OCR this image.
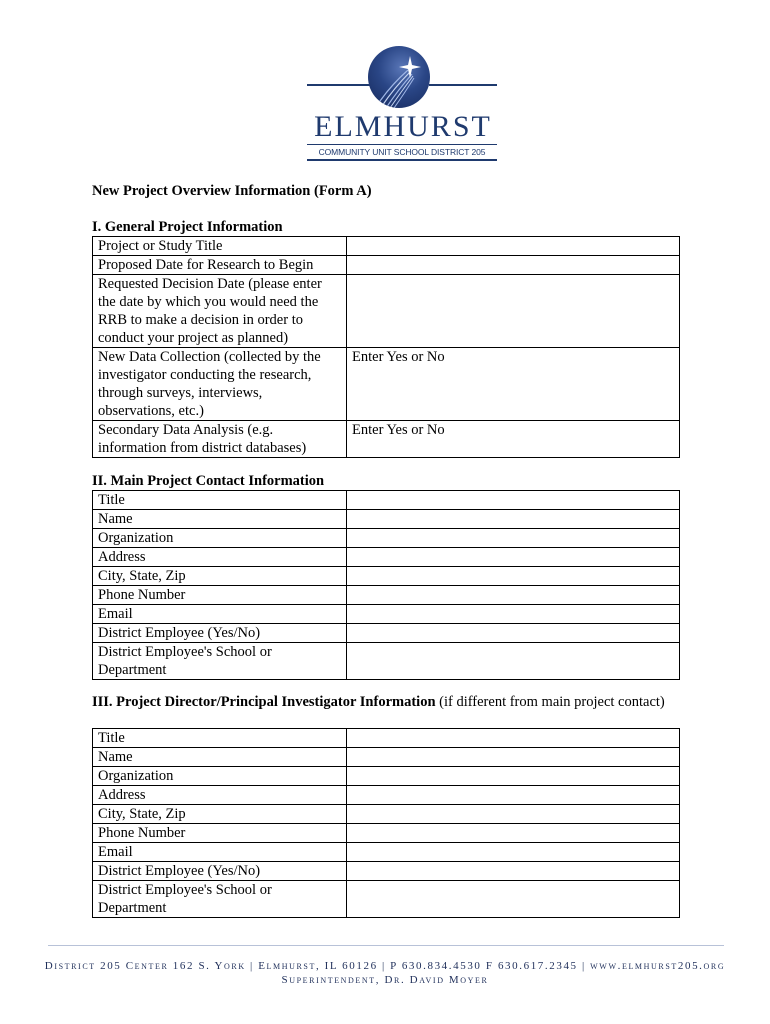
ELMHURST
COMMUNITY UNIT SCHOOL DISTRICT 205
New Project Overview Information (Form A)
I. General Project Information
Project or Study Title	
Proposed Date for Research to Begin	
Requested Decision Date (please enter the date by which you would need the RRB to make a decision in order to conduct your project as planned)	
New Data Collection (collected by the investigator conducting the research, through surveys, interviews, observations, etc.)	Enter Yes or No
Secondary Data Analysis (e.g. information from district databases)	Enter Yes or No
II. Main Project Contact Information
Title	
Name	
Organization	
Address	
City, State, Zip	
Phone Number	
Email	
District Employee (Yes/No)	
District Employee's School or Department	
III. Project Director/Principal Investigator Information (if different from main project contact)
Title	
Name	
Organization	
Address	
City, State, Zip	
Phone Number	
Email	
District Employee (Yes/No)	
District Employee's School or Department	
District 205 Center 162 S. York | Elmhurst, IL 60126 | P 630.834.4530 F 630.617.2345 | www.elmhurst205.org
Superintendent, Dr. David Moyer
